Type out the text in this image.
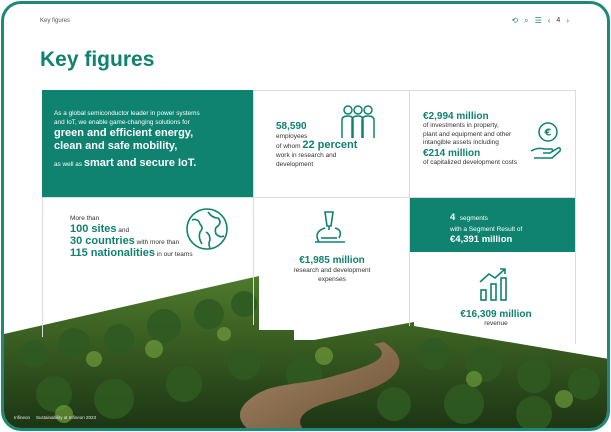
Key figures	⟲ ⌕ ☰ ‹ 4 ›
Key figures
As a global semiconductor leader in power systems
and IoT, we enable game-changing solutions for
green and efficient energy,
clean and safe mobility,
as well as smart and secure IoT.
58,590
employees
of whom 22 percent
work in research and
development
€
€2,994 million
of investments in property,
plant and equipment and other
intangible assets including
€214 million
of capitalized development costs
More than
100 sites and
30 countries with more than
115 nationalities in our teams
€1,985 million
research and development
expenses
4 segments
with a Segment Result of
€4,391 million
€16,309 million
revenue
Infineon Sustainability at Infineon 2023
